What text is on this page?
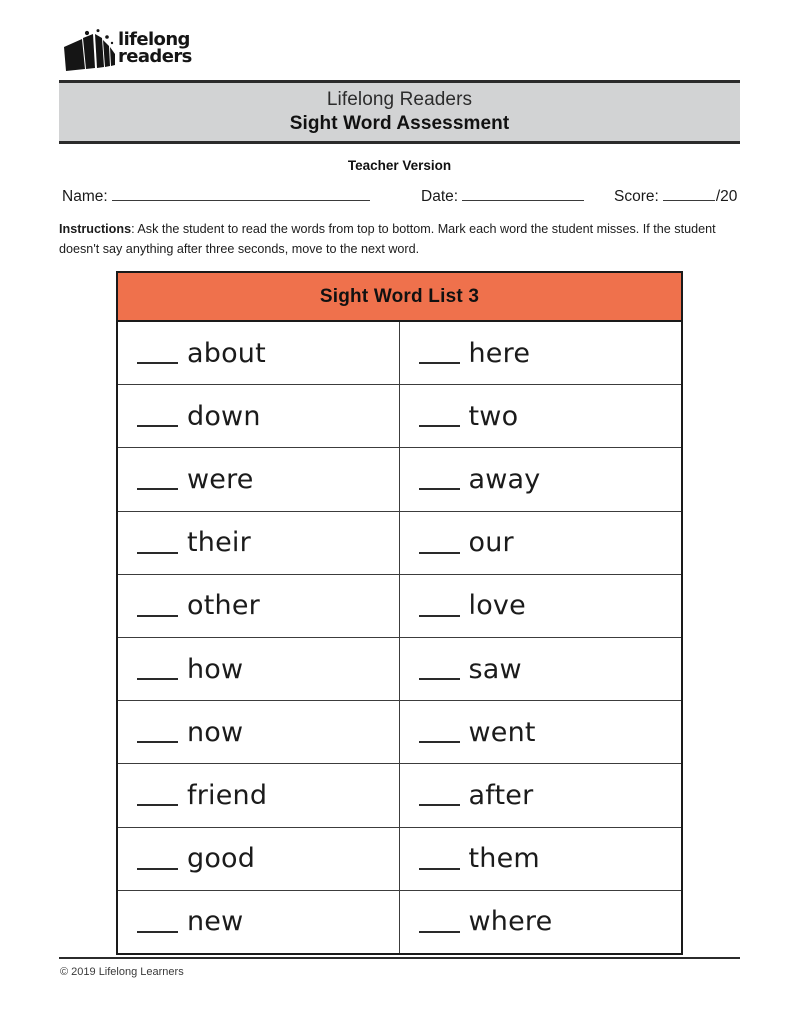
lifelong
readers
Lifelong Readers
Sight Word Assessment
Teacher Version
Name:	Date:	Score:	/20
Instructions: Ask the student to read the words from top to bottom. Mark each word the student misses. If the student doesn't say anything after three seconds, move to the next word.
Sight Word List 3
about	here
down	two
were	away
their	our
other	love
how	saw
now	went
friend	after
good	them
new	where
© 2019 Lifelong Learners
